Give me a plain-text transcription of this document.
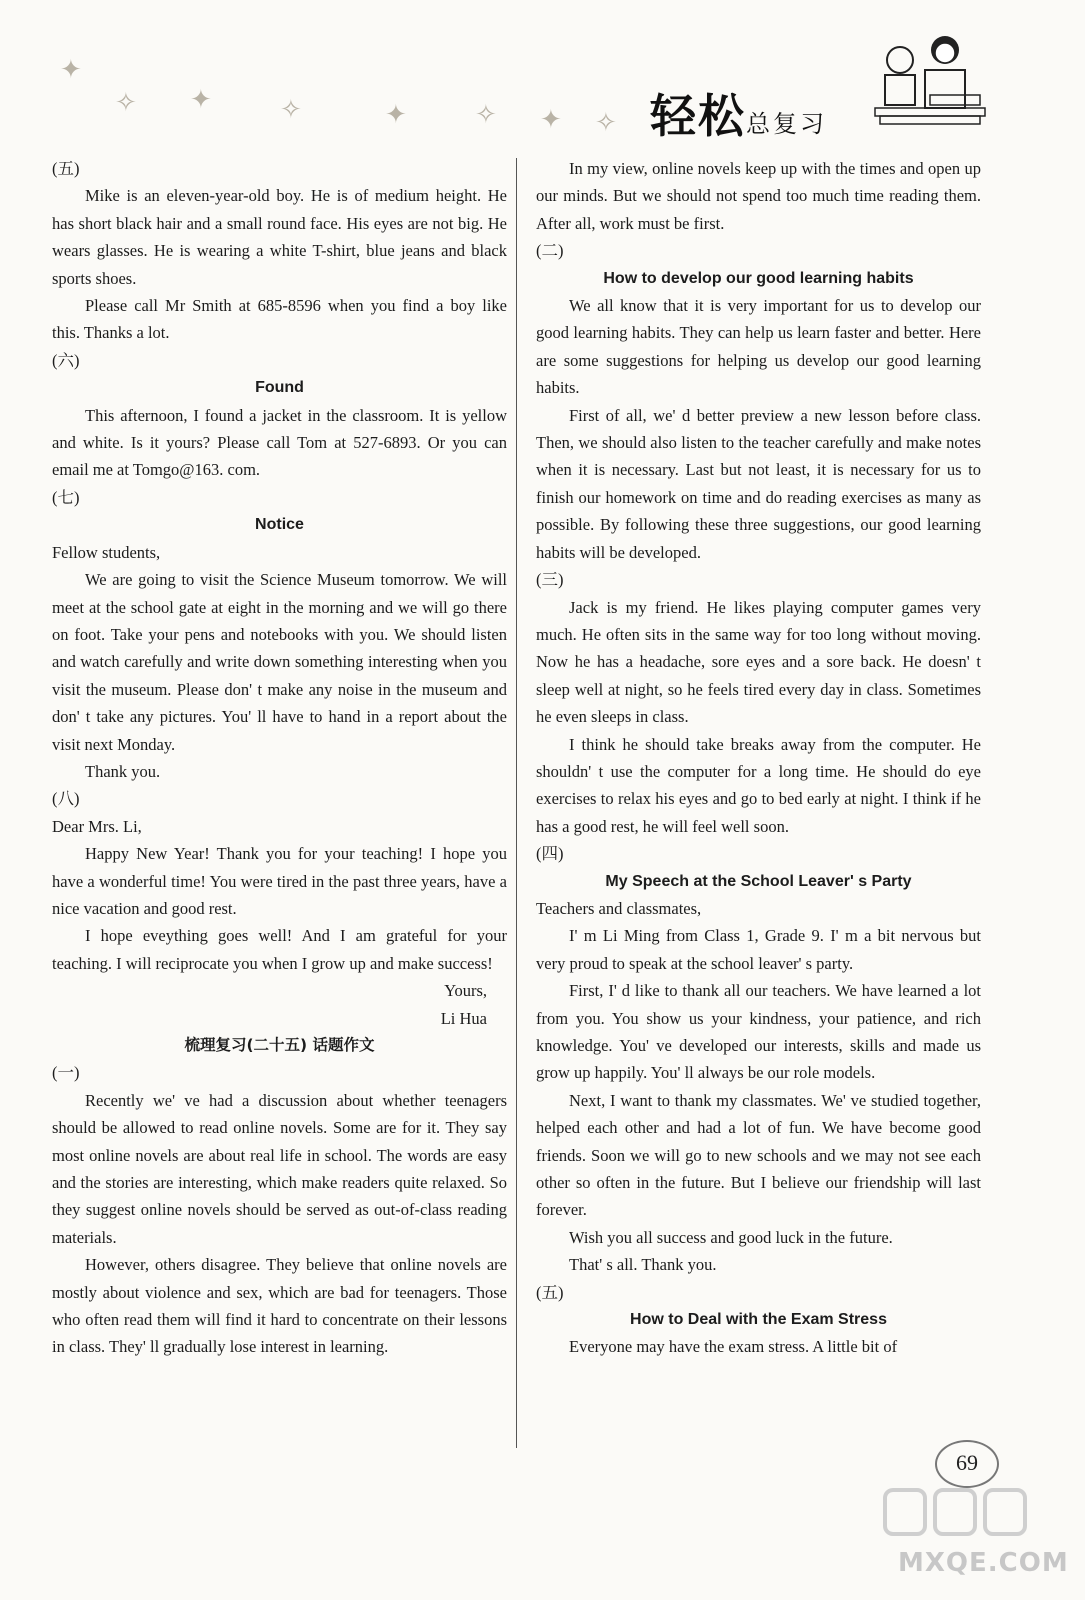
✦
✧ ✦	✧	✦	✧ ✦ ✧ 轻松总复习

(五)

Mike is an eleven-year-old boy. He is of medium height. He has short black hair and a small round face. His eyes are not big. He wears glasses. He is wearing a white T-shirt, blue jeans and black sports shoes.

Please call Mr Smith at 685-8596 when you find a boy like this. Thanks a lot.

(六)

Found

This afternoon, I found a jacket in the classroom. It is yellow and white. Is it yours? Please call Tom at 527-6893. Or you can email me at Tomgo@163. com.

(七)

Notice

Fellow students,

We are going to visit the Science Museum tomorrow. We will meet at the school gate at eight in the morning and we will go there on foot. Take your pens and notebooks with you. We should listen and watch carefully and write down something interesting when you visit the museum. Please don' t make any noise in the museum and don' t take any pictures. You' ll have to hand in a report about the visit next Monday.

Thank you.

(八)

Dear Mrs. Li,

Happy New Year! Thank you for your teaching! I hope you have a wonderful time! You were tired in the past three years, have a nice vacation and good rest.

I hope eveything goes well! And I am grateful for your teaching. I will reciprocate you when I grow up and make success!

Yours,

Li Hua

梳理复习(二十五) 话题作文

(一)

Recently we' ve had a discussion about whether teenagers should be allowed to read online novels. Some are for it. They say most online novels are about real life in school. The words are easy and the stories are interesting, which make readers quite relaxed. So they suggest online novels should be served as out-of-class reading materials.

However, others disagree. They believe that online novels are mostly about violence and sex, which are bad for teenagers. Those who often read them will find it hard to concentrate on their lessons in class. They' ll gradually lose interest in learning.

In my view, online novels keep up with the times and open up our minds. But we should not spend too much time reading them. After all, work must be first.

(二)

How to develop our good learning habits

We all know that it is very important for us to develop our good learning habits. They can help us learn faster and better. Here are some suggestions for helping us develop our good learning habits.

First of all, we' d better preview a new lesson before class. Then, we should also listen to the teacher carefully and make notes when it is necessary. Last but not least, it is necessary for us to finish our homework on time and do reading exercises as many as possible. By following these three suggestions, our good learning habits will be developed.

(三)

Jack is my friend. He likes playing computer games very much. He often sits in the same way for too long without moving. Now he has a headache, sore eyes and a sore back. He doesn' t sleep well at night, so he feels tired every day in class. Sometimes he even sleeps in class.

I think he should take breaks away from the computer. He shouldn' t use the computer for a long time. He should do eye exercises to relax his eyes and go to bed early at night. I think if he has a good rest, he will feel well soon.

(四)

My Speech at the School Leaver' s Party

Teachers and classmates,

I' m Li Ming from Class 1, Grade 9. I' m a bit nervous but very proud to speak at the school leaver' s party.

First, I' d like to thank all our teachers. We have learned a lot from you. You show us your kindness, your patience, and rich knowledge. You' ve developed our interests, skills and made us grow up happily. You' ll always be our role models.

Next, I want to thank my classmates. We' ve studied together, helped each other and had a lot of fun. We have become good friends. Soon we will go to new schools and we may not see each other so often in the future. But I believe our friendship will last forever.

Wish you all success and good luck in the future.

That' s all. Thank you.

(五)

How to Deal with the Exam Stress

Everyone may have the exam stress. A little bit of

69
MXQE.COM
